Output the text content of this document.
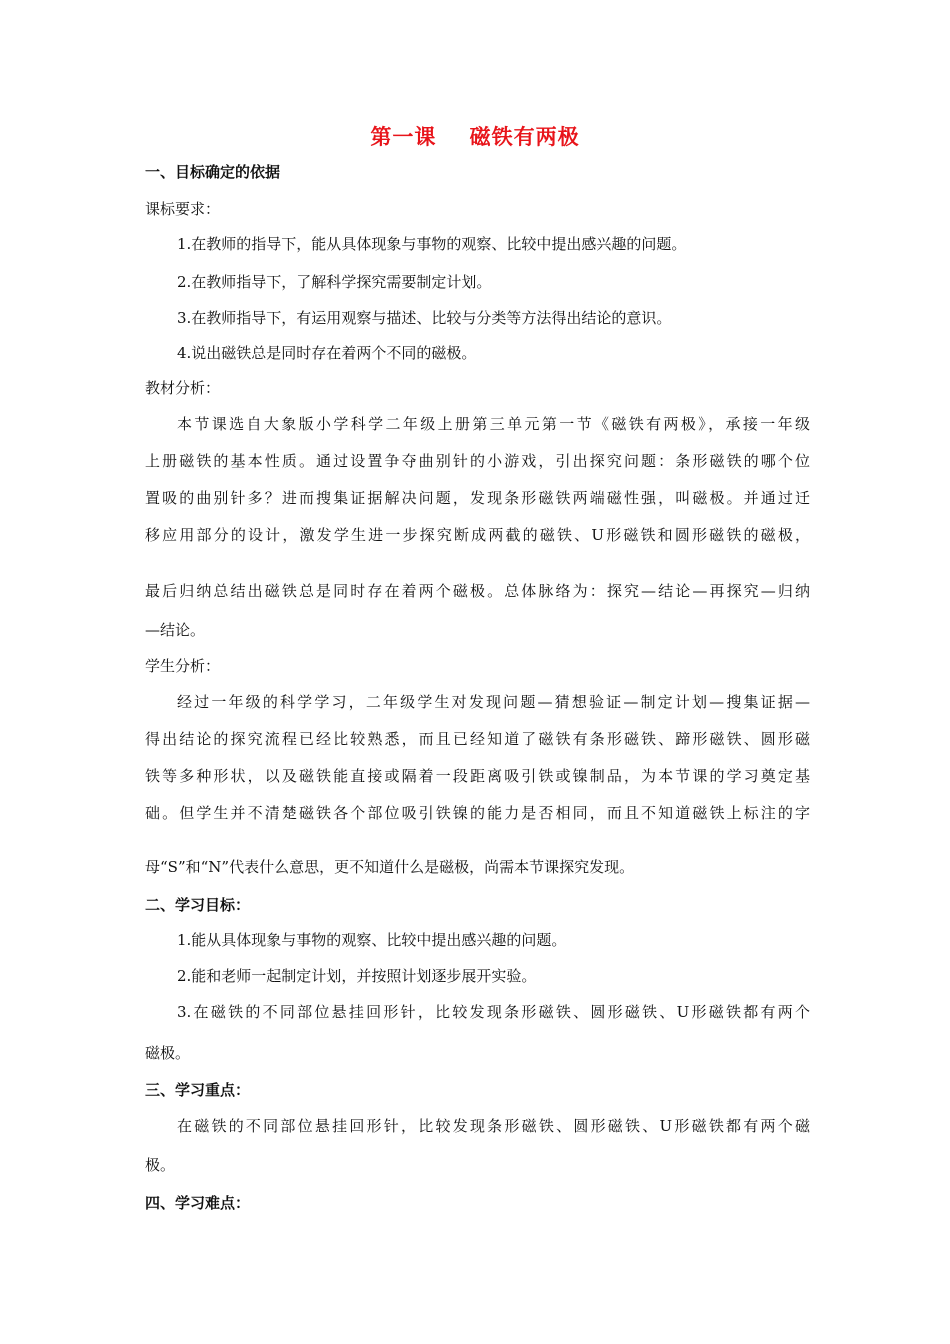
第一课    磁铁有两极
一、目标确定的依据
课标要求：
1.在教师的指导下，能从具体现象与事物的观察、比较中提出感兴趣的问题。
2.在教师指导下，了解科学探究需要制定计划。
3.在教师指导下，有运用观察与描述、比较与分类等方法得出结论的意识。
4.说出磁铁总是同时存在着两个不同的磁极。
教材分析：
本节课选自大象版小学科学二年级上册第三单元第一节《磁铁有两极》，承接一年级
上册磁铁的基本性质。通过设置争夺曲别针的小游戏，引出探究问题：条形磁铁的哪个位
置吸的曲别针多？进而搜集证据解决问题，发现条形磁铁两端磁性强，叫磁极。并通过迁
移应用部分的设计，激发学生进一步探究断成两截的磁铁、U形磁铁和圆形磁铁的磁极，
最后归纳总结出磁铁总是同时存在着两个磁极。总体脉络为：探究—结论—再探究—归纳
—结论。
学生分析：
经过一年级的科学学习，二年级学生对发现问题—猜想验证—制定计划—搜集证据—
得出结论的探究流程已经比较熟悉，而且已经知道了磁铁有条形磁铁、蹄形磁铁、圆形磁
铁等多种形状，以及磁铁能直接或隔着一段距离吸引铁或镍制品，为本节课的学习奠定基
础。但学生并不清楚磁铁各个部位吸引铁镍的能力是否相同，而且不知道磁铁上标注的字
母“S”和“N”代表什么意思，更不知道什么是磁极，尚需本节课探究发现。
二、学习目标：
1.能从具体现象与事物的观察、比较中提出感兴趣的问题。
2.能和老师一起制定计划，并按照计划逐步展开实验。
3.在磁铁的不同部位悬挂回形针，比较发现条形磁铁、圆形磁铁、U形磁铁都有两个
磁极。
三、学习重点：
在磁铁的不同部位悬挂回形针，比较发现条形磁铁、圆形磁铁、U形磁铁都有两个磁
极。
四、学习难点：
